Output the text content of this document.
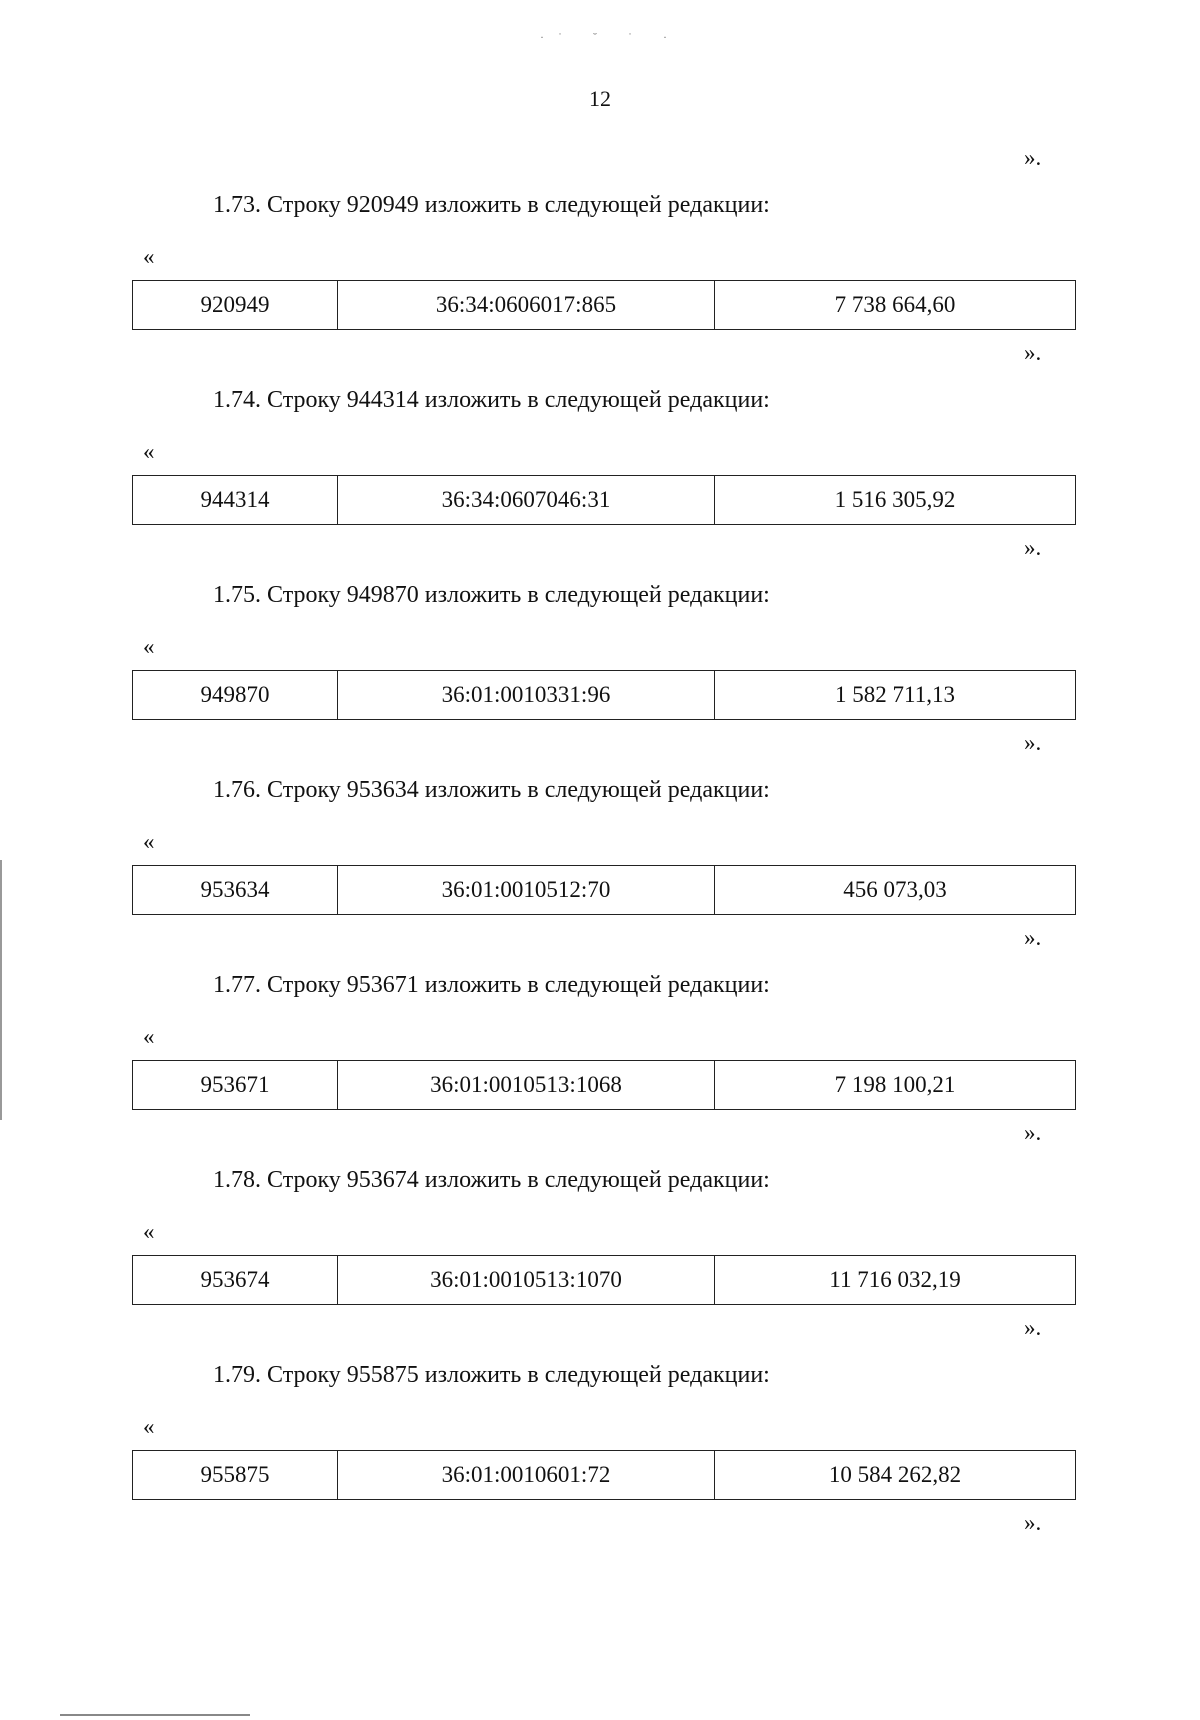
·˙ ˘ ˙ ·
12
».
1.73. Строку 920949 изложить в следующей редакции:
«
920949	36:34:0606017:865	7 738 664,60
».
1.74. Строку 944314 изложить в следующей редакции:
«
944314	36:34:0607046:31	1 516 305,92
».
1.75. Строку 949870 изложить в следующей редакции:
«
949870	36:01:0010331:96	1 582 711,13
».
1.76. Строку 953634 изложить в следующей редакции:
«
953634	36:01:0010512:70	456 073,03
».
1.77. Строку 953671 изложить в следующей редакции:
«
953671	36:01:0010513:1068	7 198 100,21
».
1.78. Строку 953674 изложить в следующей редакции:
«
953674	36:01:0010513:1070	11 716 032,19
».
1.79. Строку 955875 изложить в следующей редакции:
«
955875	36:01:0010601:72	10 584 262,82
».
